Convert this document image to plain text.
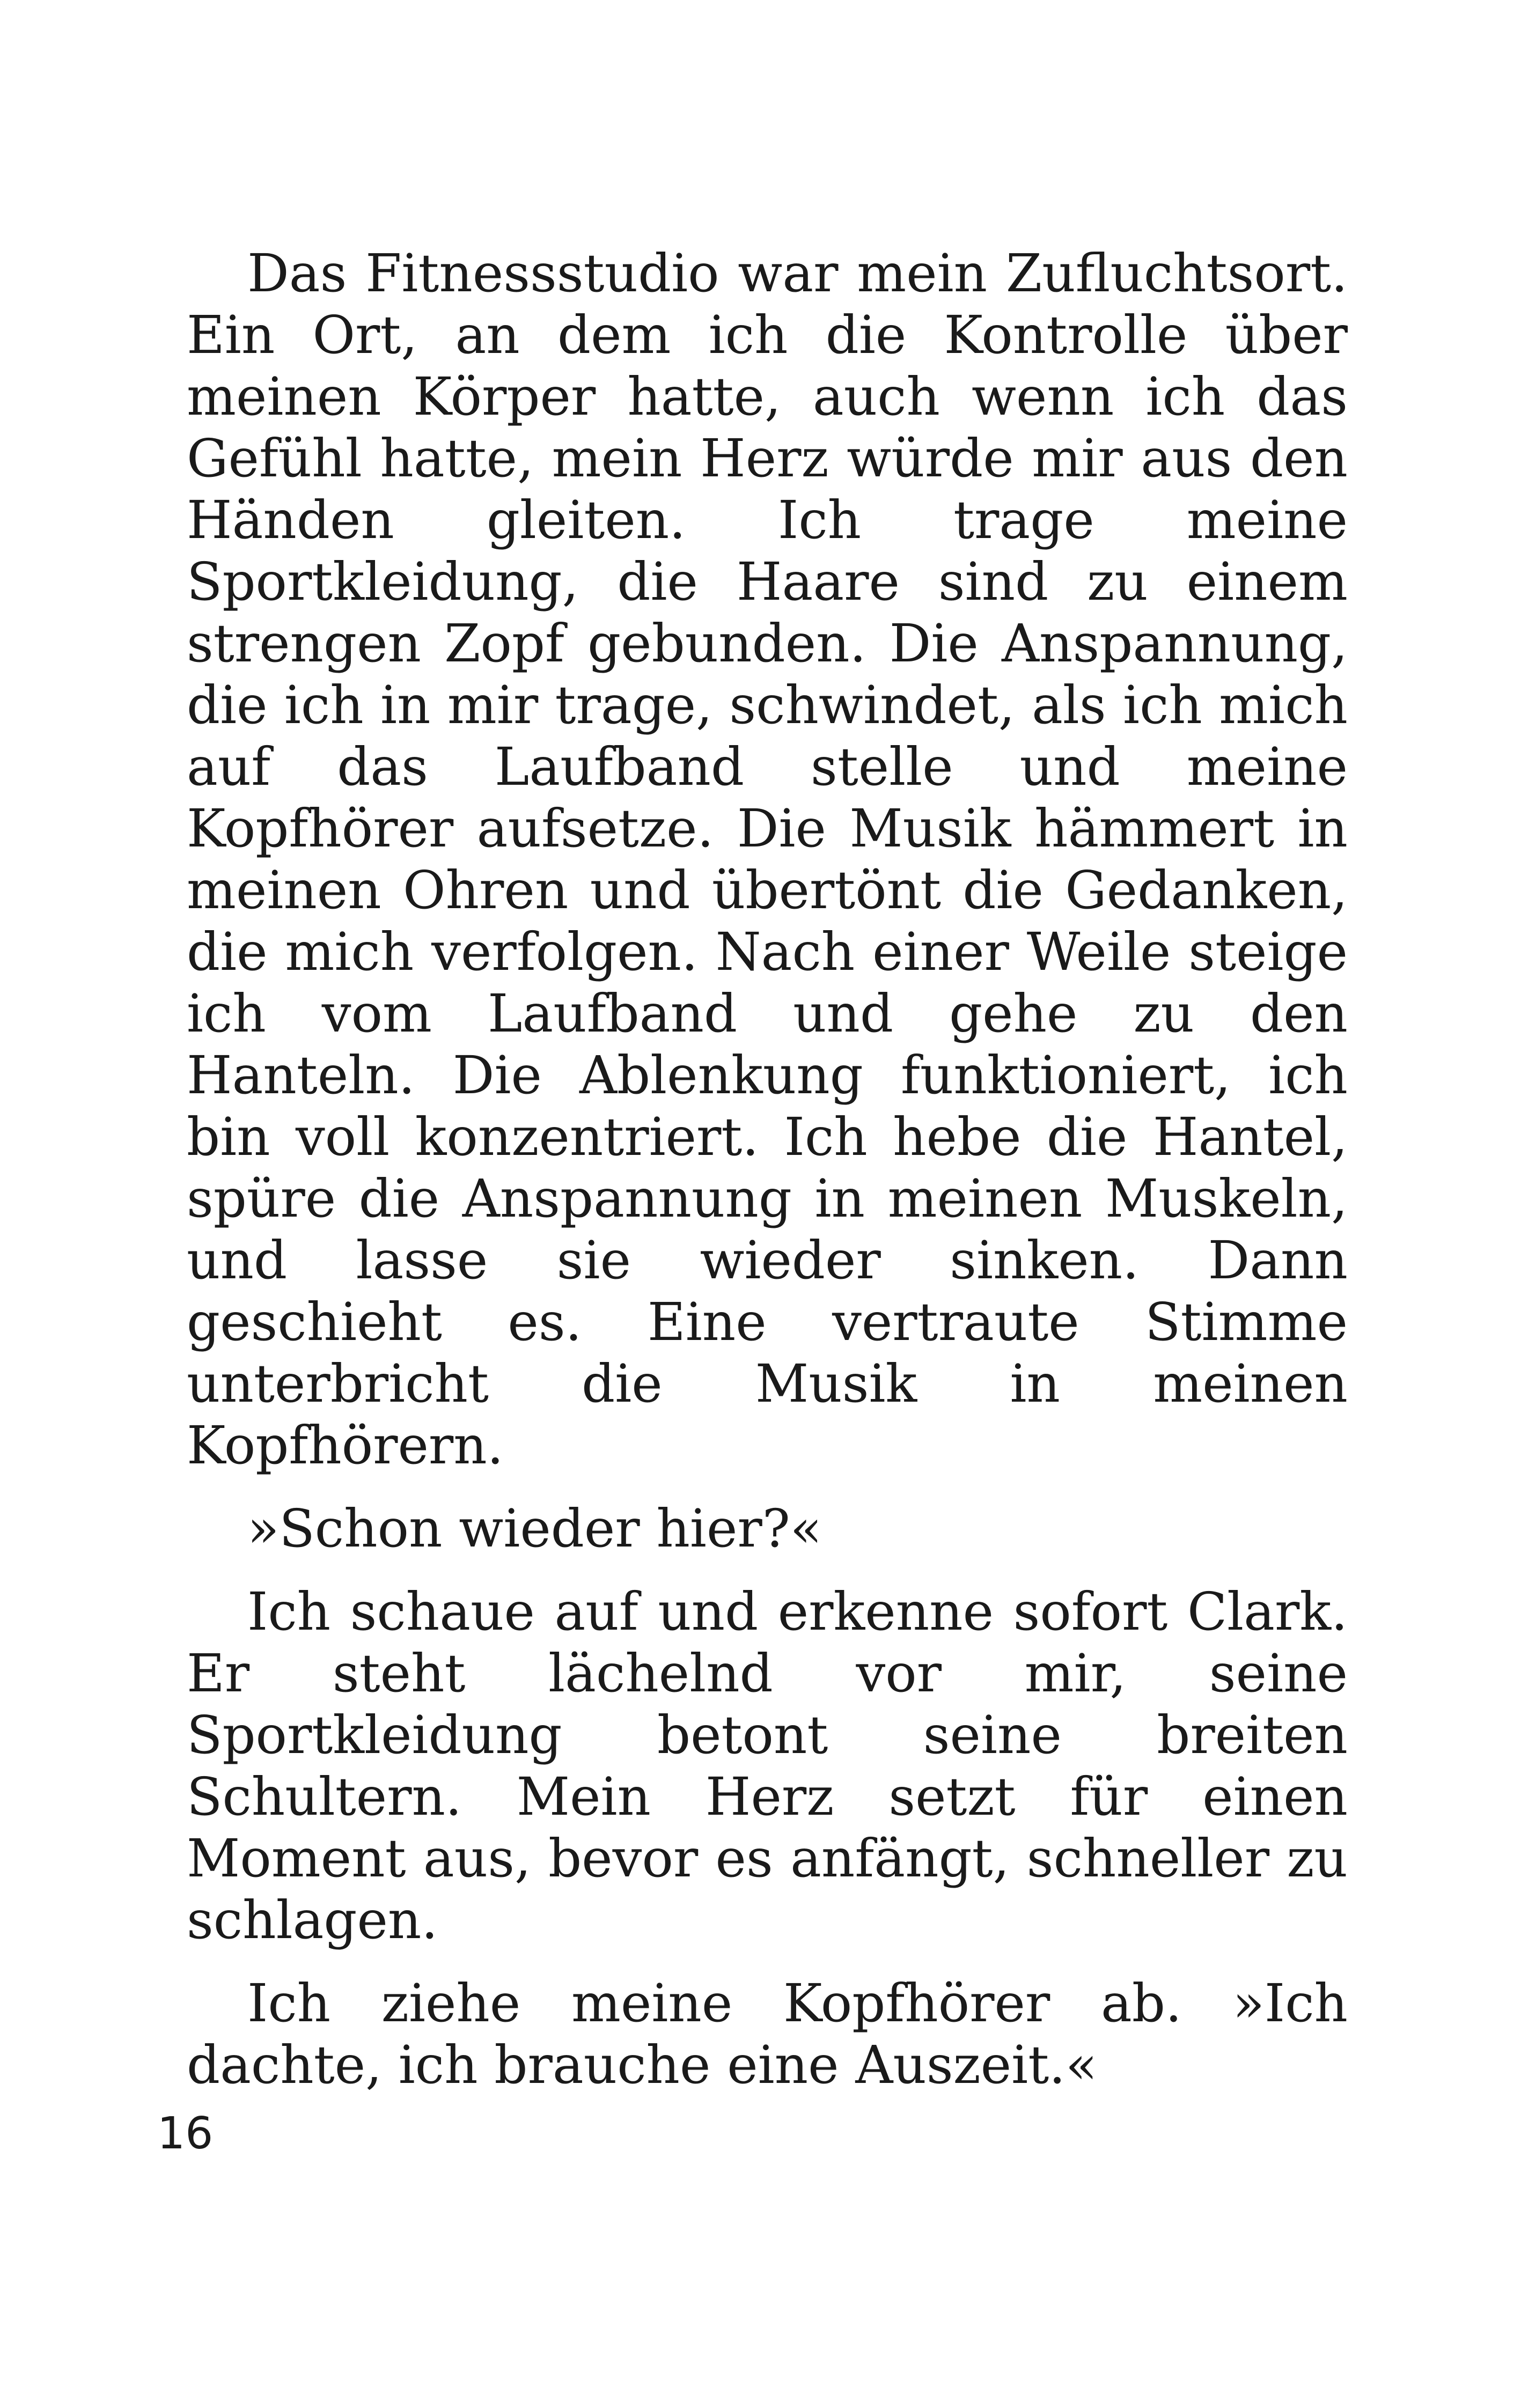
Das Fitnessstudio war mein Zufluchtsort. Ein Ort, an dem ich die Kontrolle über meinen Körper hatte, auch wenn ich das Gefühl hatte, mein Herz würde mir aus den Händen gleiten. Ich trage meine Sportkleidung, die Haare sind zu einem strengen Zopf gebunden. Die Anspannung, die ich in mir trage, schwindet, als ich mich auf das Laufband stelle und meine Kopfhörer aufsetze. Die Musik hämmert in meinen Ohren und übertönt die Gedanken, die mich verfolgen. Nach einer Weile steige ich vom Laufband und gehe zu den Hanteln. Die Ablenkung funktioniert, ich bin voll konzentriert. Ich hebe die Hantel, spüre die Anspannung in meinen Muskeln, und lasse sie wieder sinken. Dann geschieht es. Eine vertraute Stimme unterbricht die Musik in meinen Kopfhörern.

»Schon wieder hier?«

Ich schaue auf und erkenne sofort Clark. Er steht lächelnd vor mir, seine Sportkleidung betont seine breiten Schultern. Mein Herz setzt für einen Moment aus, bevor es anfängt, schneller zu schlagen.

Ich ziehe meine Kopfhörer ab. »Ich dachte, ich brauche eine Auszeit.«

16
